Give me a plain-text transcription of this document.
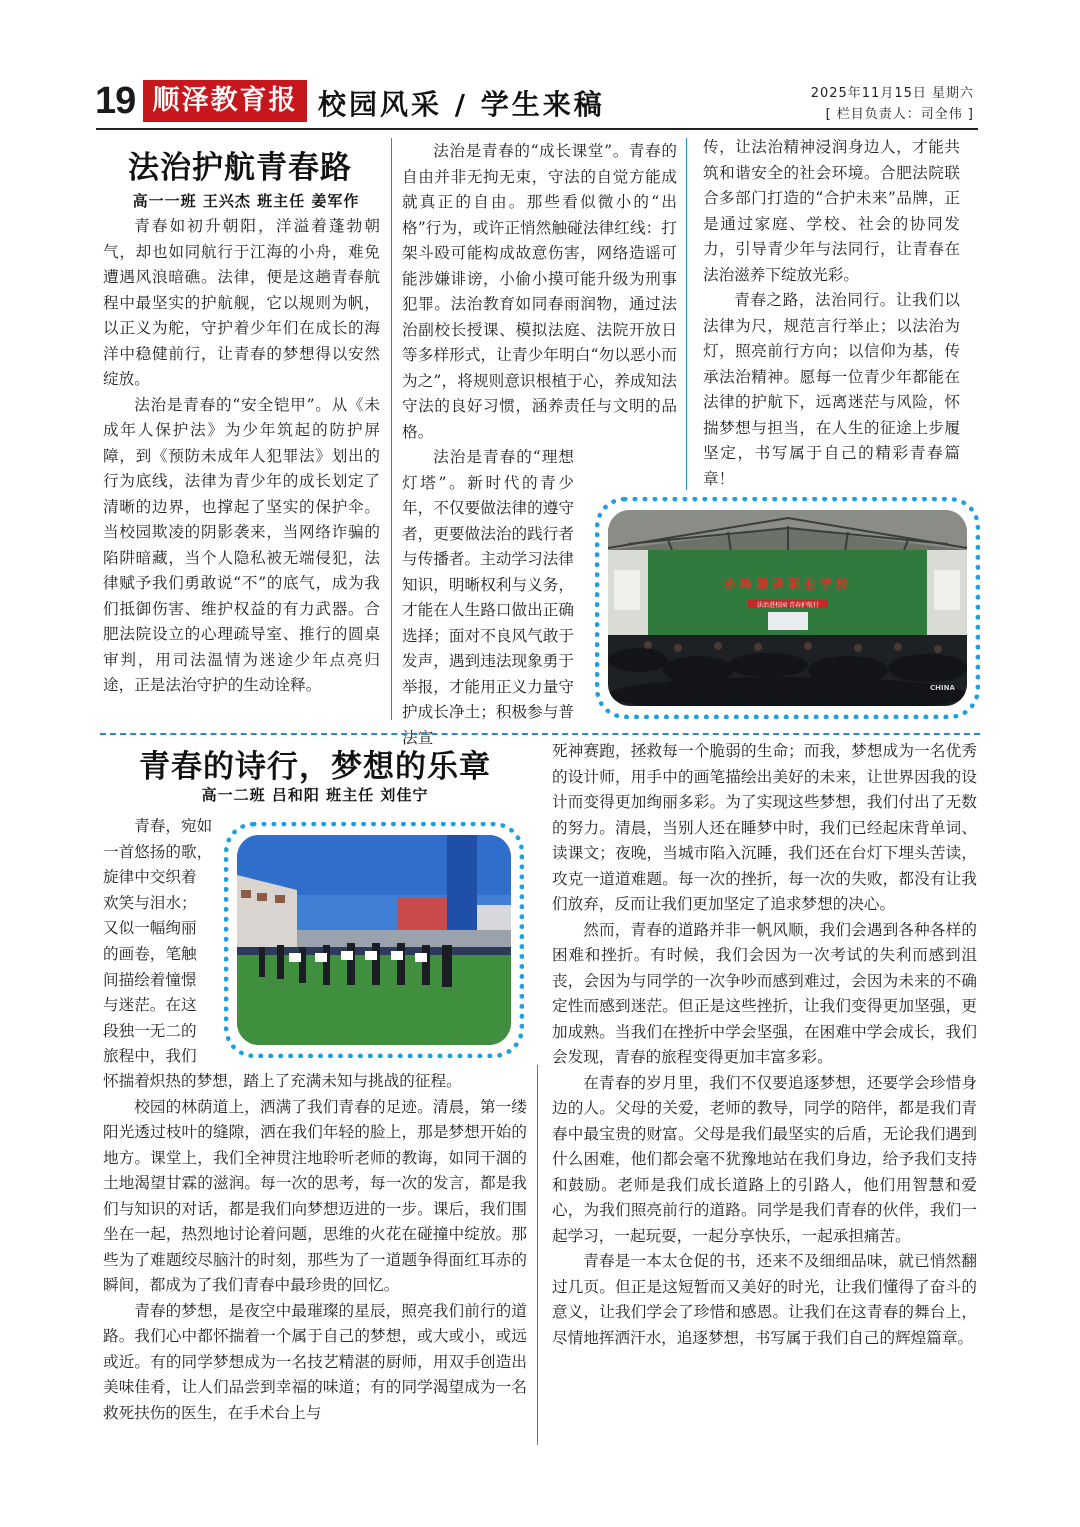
19 顺泽教育报 校园风采 / 学生来稿	2025年11月15日 星期六
[ 栏目负责人：司全伟 ]
法治护航青春路
高一一班 王兴杰 班主任 姜军作

青春如初升朝阳，洋溢着蓬勃朝气，却也如同航行于江海的小舟，难免遭遇风浪暗礁。法律，便是这趟青春航程中最坚实的护航舰，它以规则为帆，以正义为舵，守护着少年们在成长的海洋中稳健前行，让青春的梦想得以安然绽放。

法治是青春的“安全铠甲”。从《未成年人保护法》为少年筑起的防护屏障，到《预防未成年人犯罪法》划出的行为底线，法律为青少年的成长划定了清晰的边界，也撑起了坚实的保护伞。当校园欺凌的阴影袭来，当网络诈骗的陷阱暗藏，当个人隐私被无端侵犯，法律赋予我们勇敢说“不”的底气，成为我们抵御伤害、维护权益的有力武器。合肥法院设立的心理疏导室、推行的圆桌审判，用司法温情为迷途少年点亮归途，正是法治守护的生动诠释。

法治是青春的“成长课堂”。青春的自由并非无拘无束，守法的自觉方能成就真正的自由。那些看似微小的“出格”行为，或许正悄然触碰法律红线：打架斗殴可能构成故意伤害，网络造谣可能涉嫌诽谤，小偷小摸可能升级为刑事犯罪。法治教育如同春雨润物，通过法治副校长授课、模拟法庭、法院开放日等多样形式，让青少年明白“勿以恶小而为之”，将规则意识根植于心，养成知法守法的良好习惯，涵养责任与文明的品格。

法治是青春的“理想灯塔”。新时代的青少年，不仅要做法律的遵守者，更要做法治的践行者与传播者。主动学习法律知识，明晰权利与义务，才能在人生路口做出正确选择；面对不良风气敢于发声，遇到违法现象勇于举报，才能用正义力量守护成长净土；积极参与普法宣

传，让法治精神浸润身边人，才能共筑和谐安全的社会环境。合肥法院联合多部门打造的“合护未来”品牌，正是通过家庭、学校、社会的协同发力，引导青少年与法同行，让青春在法治滋养下绽放光彩。

青春之路，法治同行。让我们以法律为尺，规范言行举止；以法治为灯，照亮前行方向；以信仰为基，传承法治精神。愿每一位青少年都能在法律的护航下，远离迷茫与风险，怀揣梦想与担当，在人生的征途上步履坚定，书写属于自己的精彩青春篇章！

赤峰顺泽职业学校
法治进校园 青春护航行
CHINA
青春的诗行，梦想的乐章
高一二班 吕和阳 班主任 刘佳宁
青春，宛如
一首悠扬的歌，
旋律中交织着
欢笑与泪水；
又似一幅绚丽
的画卷，笔触
间描绘着憧憬
与迷茫。在这
段独一无二的
旅程中，我们

怀揣着炽热的梦想，踏上了充满未知与挑战的征程。

校园的林荫道上，洒满了我们青春的足迹。清晨，第一缕阳光透过枝叶的缝隙，洒在我们年轻的脸上，那是梦想开始的地方。课堂上，我们全神贯注地聆听老师的教诲，如同干涸的土地渴望甘霖的滋润。每一次的思考，每一次的发言，都是我们与知识的对话，都是我们向梦想迈进的一步。课后，我们围坐在一起，热烈地讨论着问题，思维的火花在碰撞中绽放。那些为了难题绞尽脑汁的时刻，那些为了一道题争得面红耳赤的瞬间，都成为了我们青春中最珍贵的回忆。

青春的梦想，是夜空中最璀璨的星辰，照亮我们前行的道路。我们心中都怀揣着一个属于自己的梦想，或大或小，或远或近。有的同学梦想成为一名技艺精湛的厨师，用双手创造出美味佳肴，让人们品尝到幸福的味道；有的同学渴望成为一名救死扶伤的医生，在手术台上与

死神赛跑，拯救每一个脆弱的生命；而我，梦想成为一名优秀的设计师，用手中的画笔描绘出美好的未来，让世界因我的设计而变得更加绚丽多彩。为了实现这些梦想，我们付出了无数的努力。清晨，当别人还在睡梦中时，我们已经起床背单词、读课文；夜晚，当城市陷入沉睡，我们还在台灯下埋头苦读，攻克一道道难题。每一次的挫折，每一次的失败，都没有让我们放弃，反而让我们更加坚定了追求梦想的决心。

然而，青春的道路并非一帆风顺，我们会遇到各种各样的困难和挫折。有时候，我们会因为一次考试的失利而感到沮丧，会因为与同学的一次争吵而感到难过，会因为未来的不确定性而感到迷茫。但正是这些挫折，让我们变得更加坚强，更加成熟。当我们在挫折中学会坚强，在困难中学会成长，我们会发现，青春的旅程变得更加丰富多彩。

在青春的岁月里，我们不仅要追逐梦想，还要学会珍惜身边的人。父母的关爱，老师的教导，同学的陪伴，都是我们青春中最宝贵的财富。父母是我们最坚实的后盾，无论我们遇到什么困难，他们都会毫不犹豫地站在我们身边，给予我们支持和鼓励。老师是我们成长道路上的引路人，他们用智慧和爱心，为我们照亮前行的道路。同学是我们青春的伙伴，我们一起学习，一起玩耍，一起分享快乐，一起承担痛苦。

青春是一本太仓促的书，还来不及细细品味，就已悄然翻过几页。但正是这短暂而又美好的时光，让我们懂得了奋斗的意义，让我们学会了珍惜和感恩。让我们在这青春的舞台上，尽情地挥洒汗水，追逐梦想，书写属于我们自己的辉煌篇章。
